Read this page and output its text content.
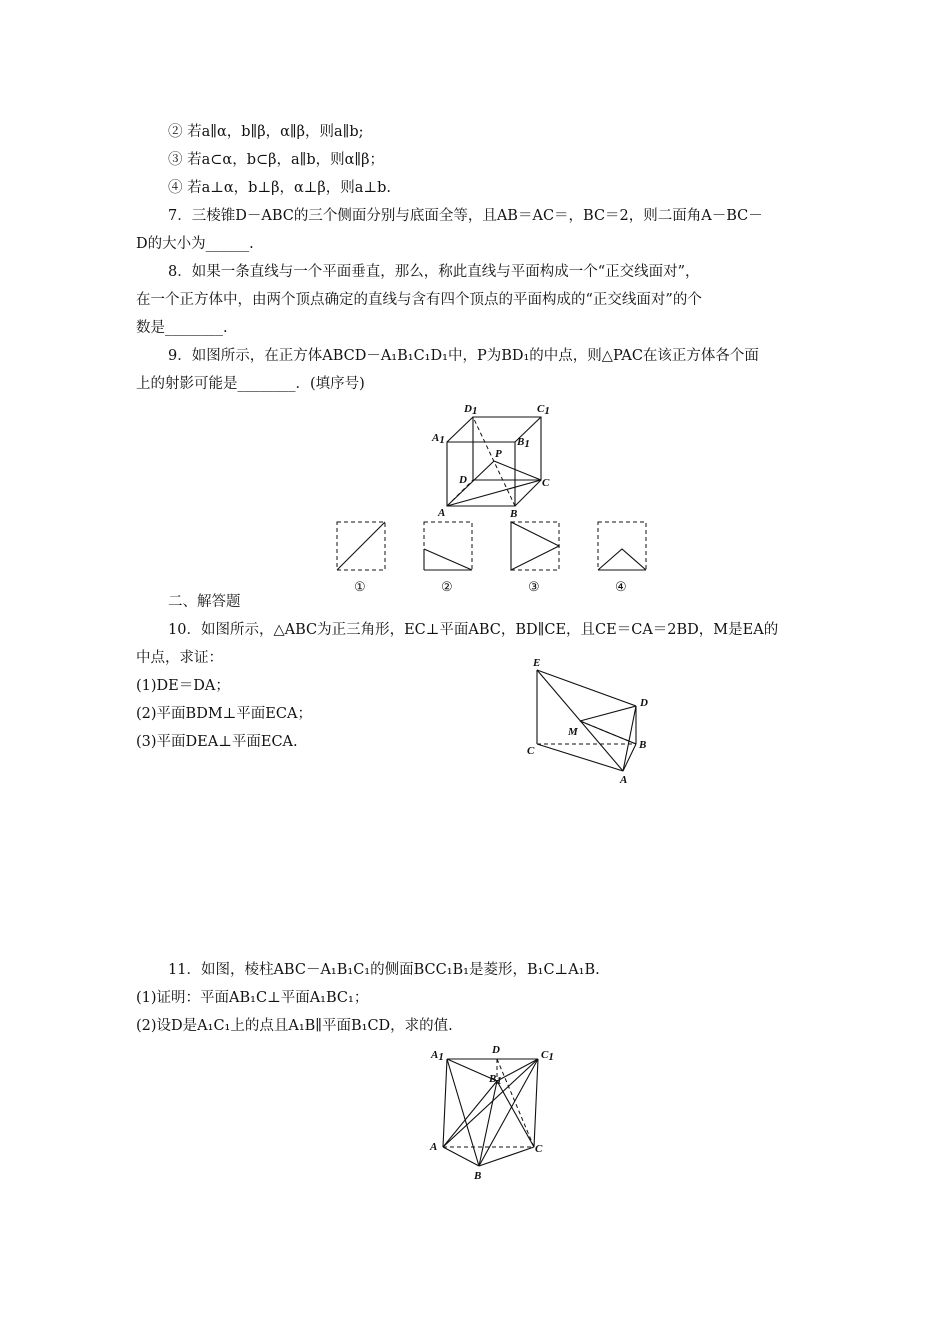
② 若a∥α，b∥β，α∥β，则a∥b;
③ 若a⊂α，b⊂β，a∥b，则α∥β；
④ 若a⊥α，b⊥β，α⊥β，则a⊥b.
7．三棱锥D－ABC的三个侧面分别与底面全等，且AB＝AC＝，BC＝2，则二面角A－BC－
D的大小为______.
8．如果一条直线与一个平面垂直，那么，称此直线与平面构成一个“正交线面对”，
在一个正方体中，由两个顶点确定的直线与含有四个顶点的平面构成的“正交线面对”的个
数是________.
9．如图所示，在正方体ABCD－A₁B₁C₁D₁中，P为BD₁的中点，则△PAC在该正方体各个面
上的射影可能是________．(填序号)
D1	C1
A1	B1
P
D	C
A	B
①	②	③	④
E
D
M
C	B
A
A1
D	C1
B1
A	C
B
二、解答题
10．如图所示，△ABC为正三角形，EC⊥平面ABC，BD∥CE，且CE＝CA＝2BD，M是EA的
中点，求证：
(1)DE＝DA；
(2)平面BDM⊥平面ECA；
(3)平面DEA⊥平面ECA.
11．如图，棱柱ABC－A₁B₁C₁的侧面BCC₁B₁是菱形，B₁C⊥A₁B.
(1)证明：平面AB₁C⊥平面A₁BC₁；
(2)设D是A₁C₁上的点且A₁B∥平面B₁CD，求的值.
